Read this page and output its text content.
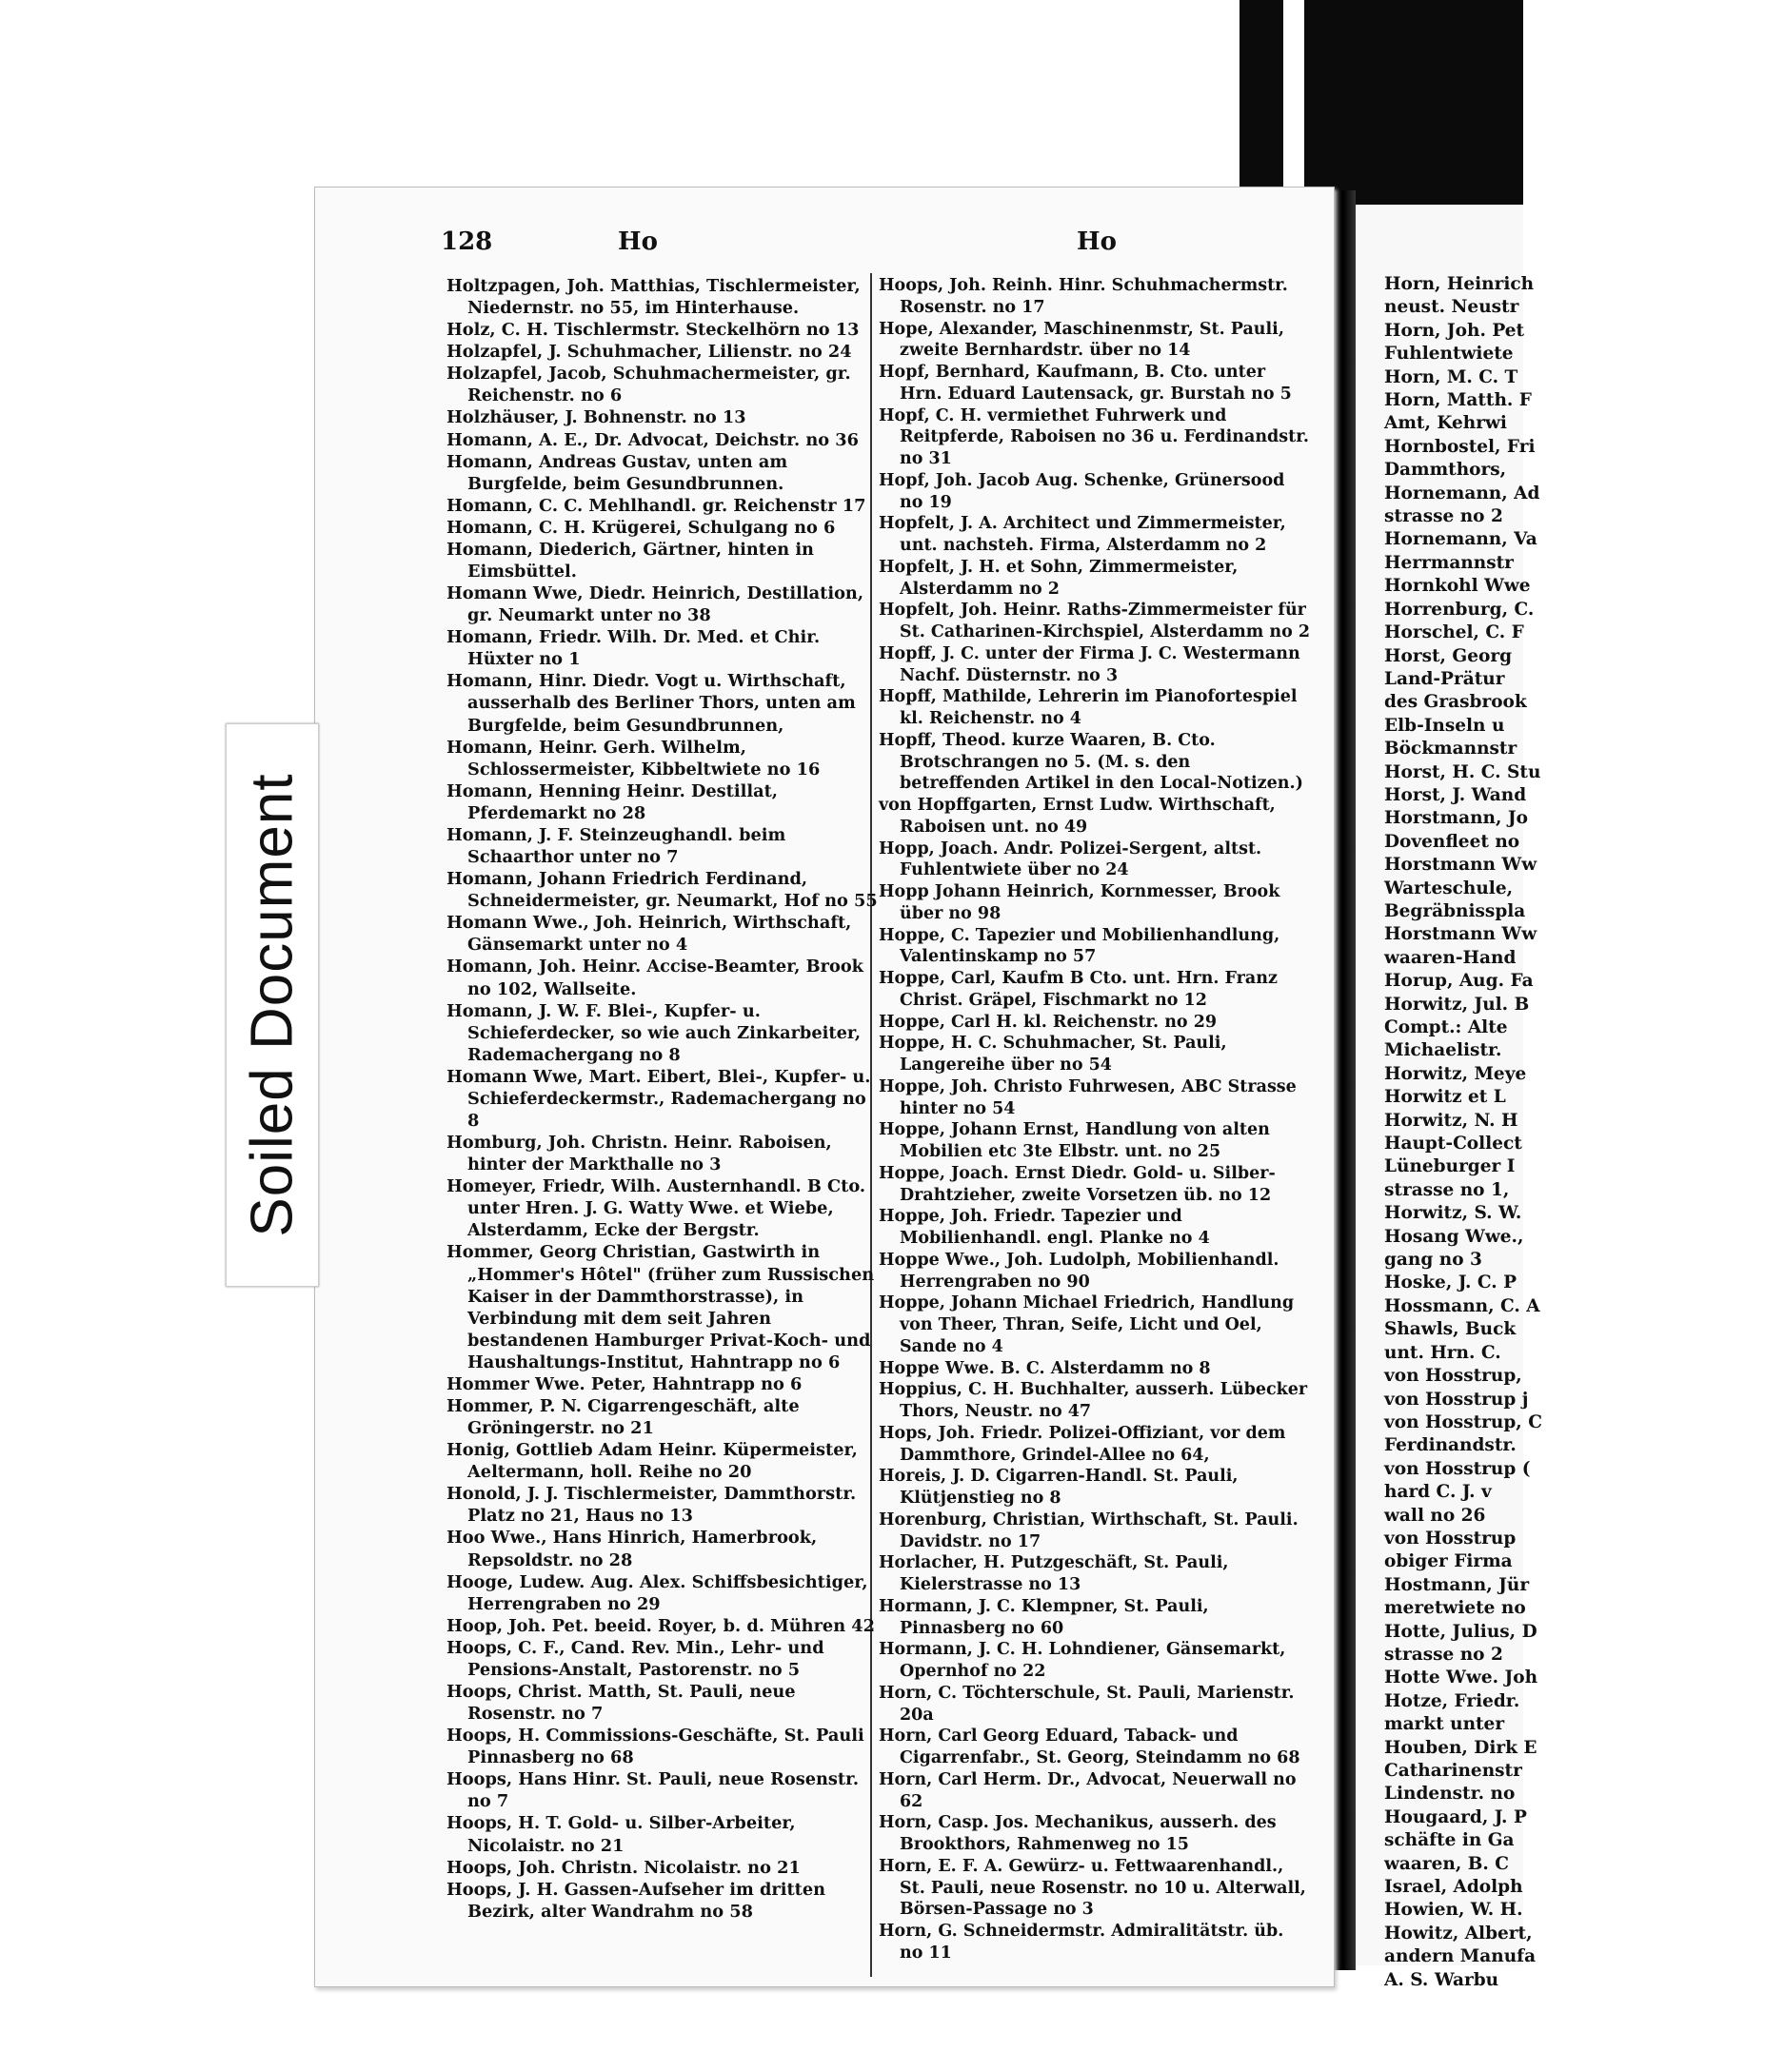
128	Ho	Ho

Holtzpagen, Joh. Matthias, Tischlermeister, Niedernstr. no 55, im Hinterhause.

Holz, C. H. Tischlermstr. Steckelhörn no 13

Holzapfel, J. Schuhmacher, Lilienstr. no 24

Holzapfel, Jacob, Schuhmachermeister, gr. Reichenstr. no 6

Holzhäuser, J. Bohnenstr. no 13

Homann, A. E., Dr. Advocat, Deichstr. no 36

Homann, Andreas Gustav, unten am Burgfelde, beim Gesundbrunnen.

Homann, C. C. Mehlhandl. gr. Reichenstr 17

Homann, C. H. Krügerei, Schulgang no 6

Homann, Diederich, Gärtner, hinten in Eimsbüttel.

Homann Wwe, Diedr. Heinrich, Destillation, gr. Neumarkt unter no 38

Homann, Friedr. Wilh. Dr. Med. et Chir. Hüxter no 1

Homann, Hinr. Diedr. Vogt u. Wirthschaft, ausserhalb des Berliner Thors, unten am Burgfelde, beim Gesundbrunnen,

Homann, Heinr. Gerh. Wilhelm, Schlossermeister, Kibbeltwiete no 16

Homann, Henning Heinr. Destillat, Pferdemarkt no 28

Homann, J. F. Steinzeughandl. beim Schaarthor unter no 7

Homann, Johann Friedrich Ferdinand, Schneidermeister, gr. Neumarkt, Hof no 55

Homann Wwe., Joh. Heinrich, Wirthschaft, Gänsemarkt unter no 4

Homann, Joh. Heinr. Accise-Beamter, Brook no 102, Wallseite.

Homann, J. W. F. Blei-, Kupfer- u. Schieferdecker, so wie auch Zinkarbeiter, Rademachergang no 8

Homann Wwe, Mart. Eibert, Blei-, Kupfer- u. Schieferdeckermstr., Rademachergang no 8

Homburg, Joh. Christn. Heinr. Raboisen, hinter der Markthalle no 3

Homeyer, Friedr, Wilh. Austernhandl. B Cto. unter Hren. J. G. Watty Wwe. et Wiebe, Alsterdamm, Ecke der Bergstr.

Hommer, Georg Christian, Gastwirth in „Hommer's Hôtel" (früher zum Russischen Kaiser in der Dammthorstrasse), in Verbindung mit dem seit Jahren bestandenen Hamburger Privat-Koch- und Haushaltungs-Institut, Hahntrapp no 6

Hommer Wwe. Peter, Hahntrapp no 6

Hommer, P. N. Cigarrengeschäft, alte Gröningerstr. no 21

Honig, Gottlieb Adam Heinr. Küpermeister, Aeltermann, holl. Reihe no 20

Honold, J. J. Tischlermeister, Dammthorstr. Platz no 21, Haus no 13

Hoo Wwe., Hans Hinrich, Hamerbrook, Repsoldstr. no 28

Hooge, Ludew. Aug. Alex. Schiffsbesichtiger, Herrengraben no 29

Hoop, Joh. Pet. beeid. Royer, b. d. Mühren 42

Hoops, C. F., Cand. Rev. Min., Lehr- und Pensions-Anstalt, Pastorenstr. no 5

Hoops, Christ. Matth, St. Pauli, neue Rosenstr. no 7

Hoops, H. Commissions-Geschäfte, St. Pauli Pinnasberg no 68

Hoops, Hans Hinr. St. Pauli, neue Rosenstr. no 7

Hoops, H. T. Gold- u. Silber-Arbeiter, Nicolaistr. no 21

Hoops, Joh. Christn. Nicolaistr. no 21

Hoops, J. H. Gassen-Aufseher im dritten Bezirk, alter Wandrahm no 58

Hoops, Joh. Reinh. Hinr. Schuhmachermstr. Rosenstr. no 17

Hope, Alexander, Maschinenmstr, St. Pauli, zweite Bernhardstr. über no 14

Hopf, Bernhard, Kaufmann, B. Cto. unter Hrn. Eduard Lautensack, gr. Burstah no 5

Hopf, C. H. vermiethet Fuhrwerk und Reitpferde, Raboisen no 36 u. Ferdinandstr. no 31

Hopf, Joh. Jacob Aug. Schenke, Grünersood no 19

Hopfelt, J. A. Architect und Zimmermeister, unt. nachsteh. Firma, Alsterdamm no 2

Hopfelt, J. H. et Sohn, Zimmermeister, Alsterdamm no 2

Hopfelt, Joh. Heinr. Raths-Zimmermeister für St. Catharinen-Kirchspiel, Alsterdamm no 2

Hopff, J. C. unter der Firma J. C. Westermann Nachf. Düsternstr. no 3

Hopff, Mathilde, Lehrerin im Pianofortespiel kl. Reichenstr. no 4

Hopff, Theod. kurze Waaren, B. Cto. Brotschrangen no 5. (M. s. den betreffenden Artikel in den Local-Notizen.)

von Hopffgarten, Ernst Ludw. Wirthschaft, Raboisen unt. no 49

Hopp, Joach. Andr. Polizei-Sergent, altst. Fuhlentwiete über no 24

Hopp Johann Heinrich, Kornmesser, Brook über no 98

Hoppe, C. Tapezier und Mobilienhandlung, Valentinskamp no 57

Hoppe, Carl, Kaufm B Cto. unt. Hrn. Franz Christ. Gräpel, Fischmarkt no 12

Hoppe, Carl H. kl. Reichenstr. no 29

Hoppe, H. C. Schuhmacher, St. Pauli, Langereihe über no 54

Hoppe, Joh. Christo Fuhrwesen, ABC Strasse hinter no 54

Hoppe, Johann Ernst, Handlung von alten Mobilien etc 3te Elbstr. unt. no 25

Hoppe, Joach. Ernst Diedr. Gold- u. Silber-Drahtzieher, zweite Vorsetzen üb. no 12

Hoppe, Joh. Friedr. Tapezier und Mobilienhandl. engl. Planke no 4

Hoppe Wwe., Joh. Ludolph, Mobilienhandl. Herrengraben no 90

Hoppe, Johann Michael Friedrich, Handlung von Theer, Thran, Seife, Licht und Oel, Sande no 4

Hoppe Wwe. B. C. Alsterdamm no 8

Hoppius, C. H. Buchhalter, ausserh. Lübecker Thors, Neustr. no 47

Hops, Joh. Friedr. Polizei-Offiziant, vor dem Dammthore, Grindel-Allee no 64,

Horeis, J. D. Cigarren-Handl. St. Pauli, Klütjenstieg no 8

Horenburg, Christian, Wirthschaft, St. Pauli. Davidstr. no 17

Horlacher, H. Putzgeschäft, St. Pauli, Kielerstrasse no 13

Hormann, J. C. Klempner, St. Pauli, Pinnasberg no 60

Hormann, J. C. H. Lohndiener, Gänsemarkt, Opernhof no 22

Horn, C. Töchterschule, St. Pauli, Marienstr. 20a

Horn, Carl Georg Eduard, Taback- und Cigarrenfabr., St. Georg, Steindamm no 68

Horn, Carl Herm. Dr., Advocat, Neuerwall no 62

Horn, Casp. Jos. Mechanikus, ausserh. des Brookthors, Rahmenweg no 15

Horn, E. F. A. Gewürz- u. Fettwaarenhandl., St. Pauli, neue Rosenstr. no 10 u. Alterwall, Börsen-Passage no 3

Horn, G. Schneidermstr. Admiralitätstr. üb. no 11

Horn, Heinrich

neust. Neustr

Horn, Joh. Pet

Fuhlentwiete

Horn, M. C. T

Horn, Matth. F

Amt, Kehrwi

Hornbostel, Fri

Dammthors,

Hornemann, Ad

strasse no 2

Hornemann, Va

Herrmannstr

Hornkohl Wwe

Horrenburg, C.

Horschel, C. F

Horst, Georg

Land-Prätur

des Grasbrook

Elb-Inseln u

Böckmannstr

Horst, H. C. Stu

Horst, J. Wand

Horstmann, Jo

Dovenfleet no

Horstmann Ww

Warteschule,

Begräbnisspla

Horstmann Ww

waaren-Hand

Horup, Aug. Fa

Horwitz, Jul. B

Compt.: Alte

Michaelistr.

Horwitz, Meye

Horwitz et L

Horwitz, N. H

Haupt-Collect

Lüneburger I

strasse no 1,

Horwitz, S. W.

Hosang Wwe.,

gang no 3

Hoske, J. C. P

Hossmann, C. A

Shawls, Buck

unt. Hrn. C.

von Hosstrup,

von Hosstrup j

von Hosstrup, C

Ferdinandstr.

von Hosstrup (

hard C. J. v

wall no 26

von Hosstrup

obiger Firma

Hostmann, Jür

meretwiete no

Hotte, Julius, D

strasse no 2

Hotte Wwe. Joh

Hotze, Friedr.

markt unter

Houben, Dirk E

Catharinenstr

Lindenstr. no

Hougaard, J. P

schäfte in Ga

waaren, B. C

Israel, Adolph

Howien, W. H.

Howitz, Albert,

andern Manufa

A. S. Warbu

Soiled Document
